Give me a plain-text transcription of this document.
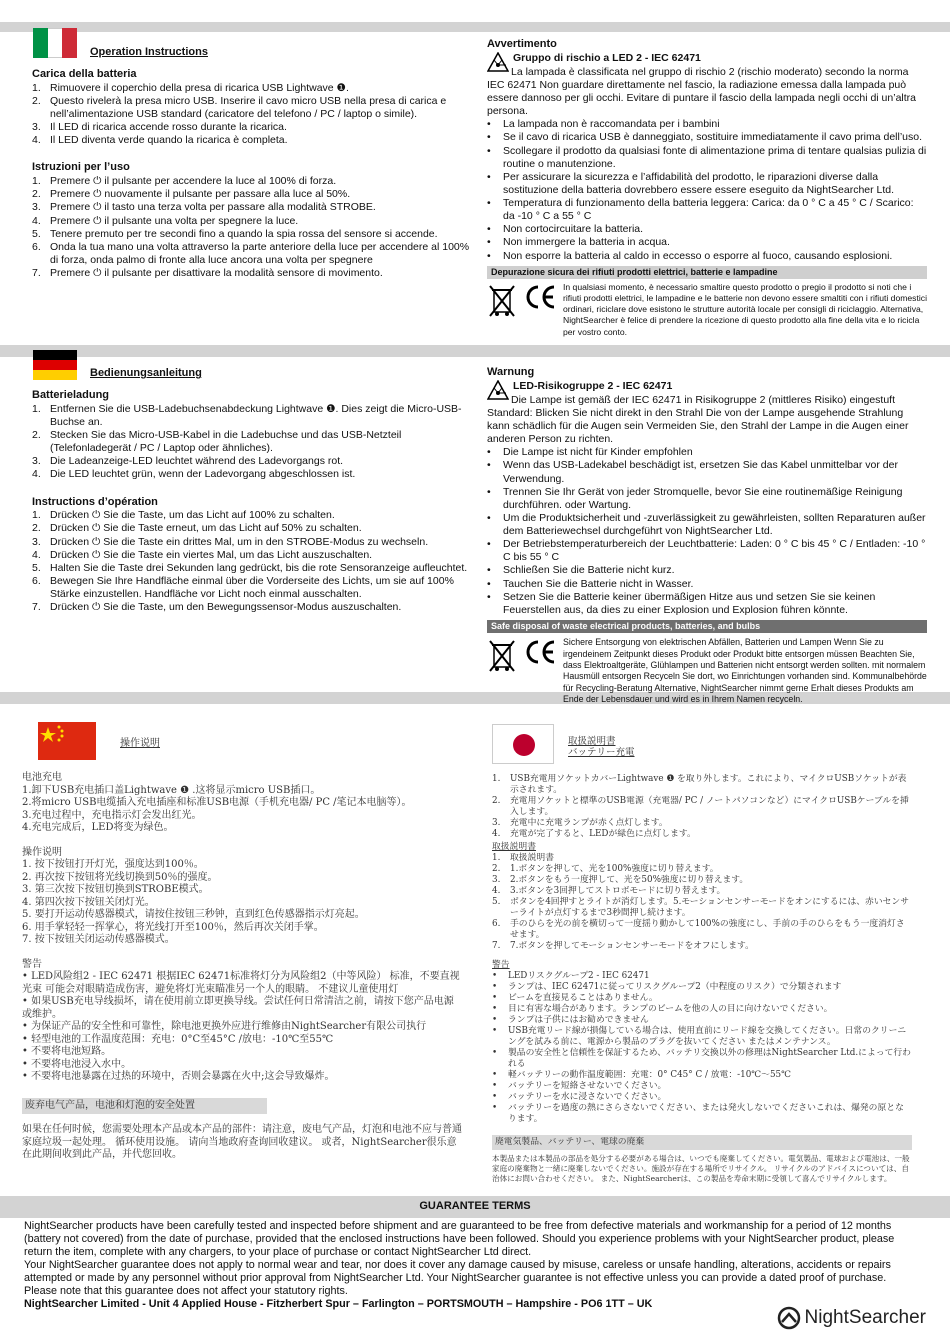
Operation Instructions
Carica della batteria
1. Rimuovere il coperchio della presa di ricarica USB Lightwave ❶.
2. Questo rivelerà la presa micro USB. Inserire il cavo micro USB nella presa di carica e nell’alimentazione USB standard (caricatore del telefono / PC / laptop o simile).
3. Il LED di ricarica accende rosso durante la ricarica.
4. Il LED diventa verde quando la ricarica è completa.
Istruzioni per l’uso
1. Premere ⏻ il pulsante per accendere la luce al 100% di forza.
2. Premere ⏻ nuovamente il pulsante per passare alla luce al 50%.
3. Premere ⏻ il tasto una terza volta per passare alla modalità STROBE.
4. Premere ⏻ il pulsante una volta per spegnere la luce.
5. Tenere premuto per tre secondi fino a quando la spia rossa del sensore si accende.
6. Onda la tua mano una volta attraverso la parte anteriore della luce per accendere al 100% di forza, onda palmo di fronte alla luce ancora una volta per spegnere
7. Premere ⏻ il pulsante per disattivare la modalità sensore di movimento.
Avvertimento
Gruppo di rischio a LED 2 - IEC 62471
La lampada è classificata nel gruppo di rischio 2 (rischio moderato) secondo la norma IEC 62471 Non guardare direttamente nel fascio, la radiazione emessa dalla lampada può essere dannoso per gli occhi. Evitare di puntare il fascio della lampada negli occhi di un’altra persona.
•	La lampada non è raccomandata per i bambini
•	Se il cavo di ricarica USB è danneggiato, sostituire immediatamente il cavo prima dell’uso.
•	Scollegare il prodotto da qualsiasi fonte di alimentazione prima di tentare qualsias pulizia di routine o manutenzione.
•	Per assicurare la sicurezza e l’affidabilità del prodotto, le riparazioni diverse dalla sostituzione della batteria dovrebbero essere essere eseguito da NightSearcher Ltd.
•	Temperatura di funzionamento della batteria leggera: Carica: da 0 ° C a 45 ° C / Scarico: da -10 ° C a 55 ° C
•	Non cortocircuitare la batteria.
•	Non immergere la batteria in acqua.
•	Non esporre la batteria al caldo in eccesso o esporre al fuoco, causando esplosioni.
Depurazione sicura dei rifiuti prodotti elettrici, batterie e lampadine
In qualsiasi momento, è necessario smaltire questo prodotto o pregio il prodotto si noti che i rifiuti prodotti elettrici, le lampadine e le batterie non devono essere smaltiti con i rifiuti domestici ordinari, riciclare dove esistono le strutture autorità locale per consigli di riciclaggio. Alternativa, NightSearcher è felice di prendere la ricezione di questo prodotto alla fine della vita e lo ricicla per vostro conto.
Bedienungsanleitung
Batterieladung
1. Entfernen Sie die USB-Ladebuchsenabdeckung Lightwave ❶. Dies zeigt die Micro-USB-Buchse an.
2. Stecken Sie das Micro-USB-Kabel in die Ladebuchse und das USB-Netzteil (Telefonladegerät / PC / Laptop oder ähnliches).
3. Die Ladeanzeige-LED leuchtet während des Ladevorgangs rot.
4. Die LED leuchtet grün, wenn der Ladevorgang abgeschlossen ist.
Instructions d’opération
1. Drücken ⏻ Sie die Taste, um das Licht auf 100% zu schalten.
2. Drücken ⏻ Sie die Taste erneut, um das Licht auf 50% zu schalten.
3. Drücken ⏻ Sie die Taste ein drittes Mal, um in den STROBE-Modus zu wechseln.
4. Drücken ⏻ Sie die Taste ein viertes Mal, um das Licht auszuschalten.
5. Halten Sie die Taste drei Sekunden lang gedrückt, bis die rote Sensoranzeige aufleuchtet.
6. Bewegen Sie Ihre Handfläche einmal über die Vorderseite des Lichts, um sie auf 100% Stärke einzustellen. Handfläche vor Licht noch einmal ausschalten.
7. Drücken ⏻ Sie die Taste, um den Bewegungssensor-Modus auszuschalten.
Warnung
LED-Risikogruppe 2 - IEC 62471
Die Lampe ist gemäß der IEC 62471 in Risikogruppe 2 (mittleres Risiko) eingestuft Standard: Blicken Sie nicht direkt in den Strahl Die von der Lampe ausgehende Strahlung kann schädlich für die Augen sein Vermeiden Sie, den Strahl der Lampe in die Augen einer anderen Person zu richten.
•	Die Lampe ist nicht für Kinder empfohlen
•	Wenn das USB-Ladekabel beschädigt ist, ersetzen Sie das Kabel unmittelbar vor der Verwendung.
•	Trennen Sie Ihr Gerät von jeder Stromquelle, bevor Sie eine routinemäßige Reinigung durchführen. oder Wartung.
•	Um die Produktsicherheit und -zuverlässigkeit zu gewährleisten, sollten Reparaturen außer dem Batteriewechsel durchgeführt von NightSearcher Ltd.
•	Der Betriebstemperaturbereich der Leuchtbatterie: Laden: 0 ° C bis 45 ° C / Entladen: -10 ° C bis 55 ° C
•	Schließen Sie die Batterie nicht kurz.
•	Tauchen Sie die Batterie nicht in Wasser.
•	Setzen Sie die Batterie keiner übermäßigen Hitze aus und setzen Sie sie keinen Feuerstellen aus, da dies zu einer Explosion und Explosion führen könnte.
Safe disposal of waste electrical products, batteries, and bulbs
Sichere Entsorgung von elektrischen Abfällen, Batterien und Lampen Wenn Sie zu irgendeinem Zeitpunkt dieses Produkt oder Produkt bitte entsorgen müssen Beachten Sie, dass Elektroaltgeräte, Glühlampen und Batterien nicht entsorgt werden sollten. mit normalem Hausmüll entsorgen Recyceln Sie dort, wo Einrichtungen vorhanden sind. Kommunalbehörde für Recycling-Beratung Alternative, NightSearcher nimmt gerne Erhalt dieses Produkts am Ende der Lebensdauer und wird es in Ihrem Namen recyceln.
操作说明
电池充电
1.卸下USB充电插口盖Lightwave ❶ .这将显示micro USB插口。
2.将micro USB电缆插入充电插座和标准USB电源（手机充电器/ PC /笔记本电脑等）。
3.充电过程中，充电指示灯会发出红光。
4.充电完成后，LED将变为绿色。
操作说明
1. 按下按钮打开灯光，强度达到100％。
2. 再次按下按钮将光线切换到50％的强度。
3. 第三次按下按钮切换到STROBE模式。
4. 第四次按下按钮关闭灯光。
5. 要打开运动传感器模式，请按住按钮三秒钟，直到红色传感器指示灯亮起。
6. 用手掌轻轻一挥掌心，将光线打开至100％，然后再次关闭手掌。
7. 按下按钮关闭运动传感器模式。
警告
• LED风险组2 - IEC 62471 根据IEC 62471标准将灯分为风险组2（中等风险） 标准，不要直视光束 可能会对眼睛造成伤害，避免将灯光束瞄准另一个人的眼睛。 不建议儿童使用灯
• 如果USB充电导线损坏，请在使用前立即更换导线。尝试任何日常清洁之前，请按下您产品电源或维护。
• 为保证产品的安全性和可靠性，除电池更换外应进行维修由NightSearcher有限公司执行
• 轻型电池的工作温度范围：充电：0°C至45°C /放电：-10℃至55℃
• 不要将电池短路。
• 不要将电池浸入水中。
• 不要将电池暴露在过热的环境中，否则会暴露在火中;这会导致爆炸。
废弃电气产品，电池和灯泡的安全处置
如果在任何时候，您需要处理本产品或本产品的部件：请注意，废电气产品，灯泡和电池不应与普通家庭垃圾一起处理。 循环使用设施。 请向当地政府查询回收建议。 或者，NightSearcher很乐意在此期间收到此产品，并代您回收。
取扱説明書
バッテリー充電
1.	USB充電用ソケットカバーLightwave ❶ を取り外します。これにより、マイクロUSBソケットが表示されます。
2.	充電用ソケットと標準のUSB電源（充電器/ PC / ノートパソコンなど）にマイクロUSBケーブルを挿入します。
3.	充電中に充電ランプが赤く点灯します。
4.	充電が完了すると、LEDが緑色に点灯します。
取扱説明書
1.	取扱説明書
2.	1.ボタンを押して、光を100%強度に切り替えます。
3.	2.ボタンをもう一度押して、光を50%強度に切り替えます。
4.	3.ボタンを3回押してストロボモードに切り替えます。
5.	ボタンを4回押すとライトが消灯します。5.モーションセンサーモードをオンにするには、赤いセンサーライトが点灯するまで3秒間押し続けます。
6.	手のひらを光の前を横切って一度揺り動かして100%の強度にし、手前の手のひらをもう一度消灯させます。
7.	7.ボタンを押してモーションセンサーモードをオフにします。
警告
•	LEDリスクグループ2 - IEC 62471
•	ランプは、IEC 62471に従ってリスクグループ2（中程度のリスク）で分類されます
•	ビームを直接見ることはありません。
•	目に有害な場合があります。ランプのビームを他の人の目に向けないでください。
•	ランプは子供にはお勧めできません
•	USB充電リード線が損傷している場合は、使用直前にリード線を交換してください。日常のクリーニングを試みる前に、電源から製品のプラグを抜いてください またはメンテナンス。
•	製品の安全性と信頼性を保証するため、バッテリ交換以外の修理はNightSearcher Ltd.によって行われる
•	軽バッテリーの動作温度範囲：充電：0° C45° C / 放電：-10℃～55℃
•	バッテリーを短絡させないでください。
•	バッテリーを水に浸さないでください。
•	バッテリーを過度の熱にさらさないでください、または発火しないでくださいこれは、爆発の原となります。
廃電気製品、バッテリー、電球の廃棄
本製品または本製品の部品を処分する必要がある場合は、いつでも廃棄してください。電気製品、電球および電池は、一般家庭の廃棄物と一緒に廃棄しないでください。施設が存在する場所でリサイクル。 リサイクルのアドバイスについては、自治体にお問い合わせください。 また、NightSearcherは、この製品を寿命末期に受領して喜んでリサイクルします。
GUARANTEE TERMS
NightSearcher products have been carefully tested and inspected before shipment and are guaranteed to be free from defective materials and workmanship for a period of 12 months (battery not covered) from the date of purchase, provided that the enclosed instructions have been followed. Should you experience problems with your NightSearcher product, please return the item, complete with any chargers, to your place of purchase or contact NightSearcher Ltd direct.
Your NightSearcher guarantee does not apply to normal wear and tear, nor does it cover any damage caused by misuse, careless or unsafe handling, alterations, accidents or repairs attempted or made by any personnel without prior approval from NightSearcher Ltd. Your NightSearcher guarantee is not effective unless you can provide a dated proof of purchase.
Please note that this guarantee does not affect your statutory rights.
NightSearcher Limited - Unit 4 Applied House - Fitzherbert Spur – Farlington – PORTSMOUTH – Hampshire - PO6 1TT – UK
NightSearcher
